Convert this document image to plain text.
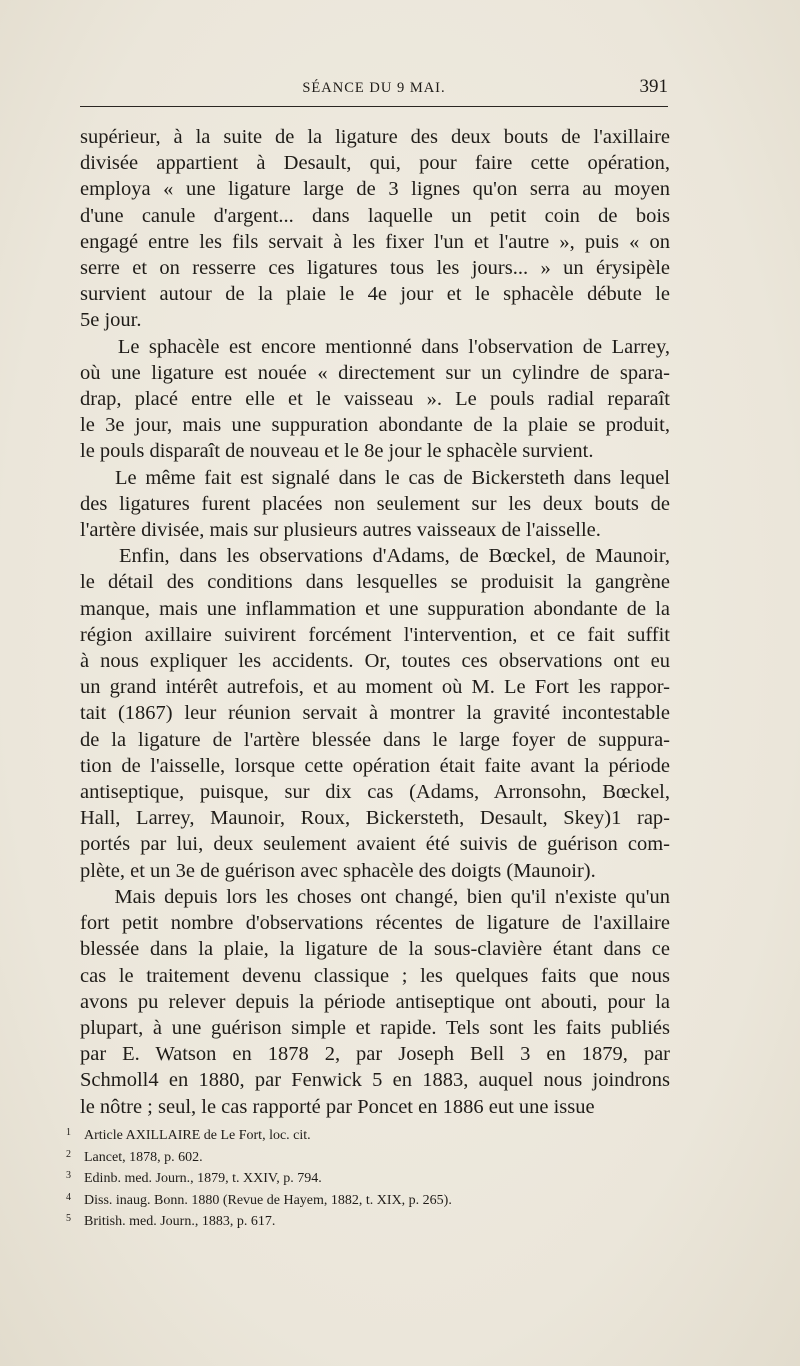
SÉANCE DU 9 MAI.	391

supérieur, à la suite de la ligature des deux bouts de l'axillaire
divisée appartient à Desault, qui, pour faire cette opération,
employa « une ligature large de 3 lignes qu'on serra au moyen
d'une canule d'argent... dans laquelle un petit coin de bois
engagé entre les fils servait à les fixer l'un et l'autre », puis « on
serre et on resserre ces ligatures tous les jours... » un érysipèle
survient autour de la plaie le 4e jour et le sphacèle débute le
5e jour.

Le sphacèle est encore mentionné dans l'observation de Larrey,
où une ligature est nouée « directement sur un cylindre de spara-
drap, placé entre elle et le vaisseau ». Le pouls radial reparaît
le 3e jour, mais une suppuration abondante de la plaie se produit,
le pouls disparaît de nouveau et le 8e jour le sphacèle survient.

Le même fait est signalé dans le cas de Bickersteth dans lequel
des ligatures furent placées non seulement sur les deux bouts de
l'artère divisée, mais sur plusieurs autres vaisseaux de l'aisselle.

Enfin, dans les observations d'Adams, de Bœckel, de Maunoir,
le détail des conditions dans lesquelles se produisit la gangrène
manque, mais une inflammation et une suppuration abondante de la
région axillaire suivirent forcément l'intervention, et ce fait suffit
à nous expliquer les accidents. Or, toutes ces observations ont eu
un grand intérêt autrefois, et au moment où M. Le Fort les rappor-
tait (1867) leur réunion servait à montrer la gravité incontestable
de la ligature de l'artère blessée dans le large foyer de suppura-
tion de l'aisselle, lorsque cette opération était faite avant la période
antiseptique, puisque, sur dix cas (Adams, Arronsohn, Bœckel,
Hall, Larrey, Maunoir, Roux, Bickersteth, Desault, Skey)1 rap-
portés par lui, deux seulement avaient été suivis de guérison com-
plète, et un 3e de guérison avec sphacèle des doigts (Maunoir).

Mais depuis lors les choses ont changé, bien qu'il n'existe qu'un
fort petit nombre d'observations récentes de ligature de l'axillaire
blessée dans la plaie, la ligature de la sous-clavière étant dans ce
cas le traitement devenu classique ; les quelques faits que nous
avons pu relever depuis la période antiseptique ont abouti, pour la
plupart, à une guérison simple et rapide. Tels sont les faits publiés
par E. Watson en 1878 2, par Joseph Bell 3 en 1879, par
Schmoll4 en 1880, par Fenwick 5 en 1883, auquel nous joindrons
le nôtre ; seul, le cas rapporté par Poncet en 1886 eut une issue

1 Article AXILLAIRE de Le Fort, loc. cit.
2 Lancet, 1878, p. 602.
3 Edinb. med. Journ., 1879, t. XXIV, p. 794.
4 Diss. inaug. Bonn. 1880 (Revue de Hayem, 1882, t. XIX, p. 265).
5 British. med. Journ., 1883, p. 617.
